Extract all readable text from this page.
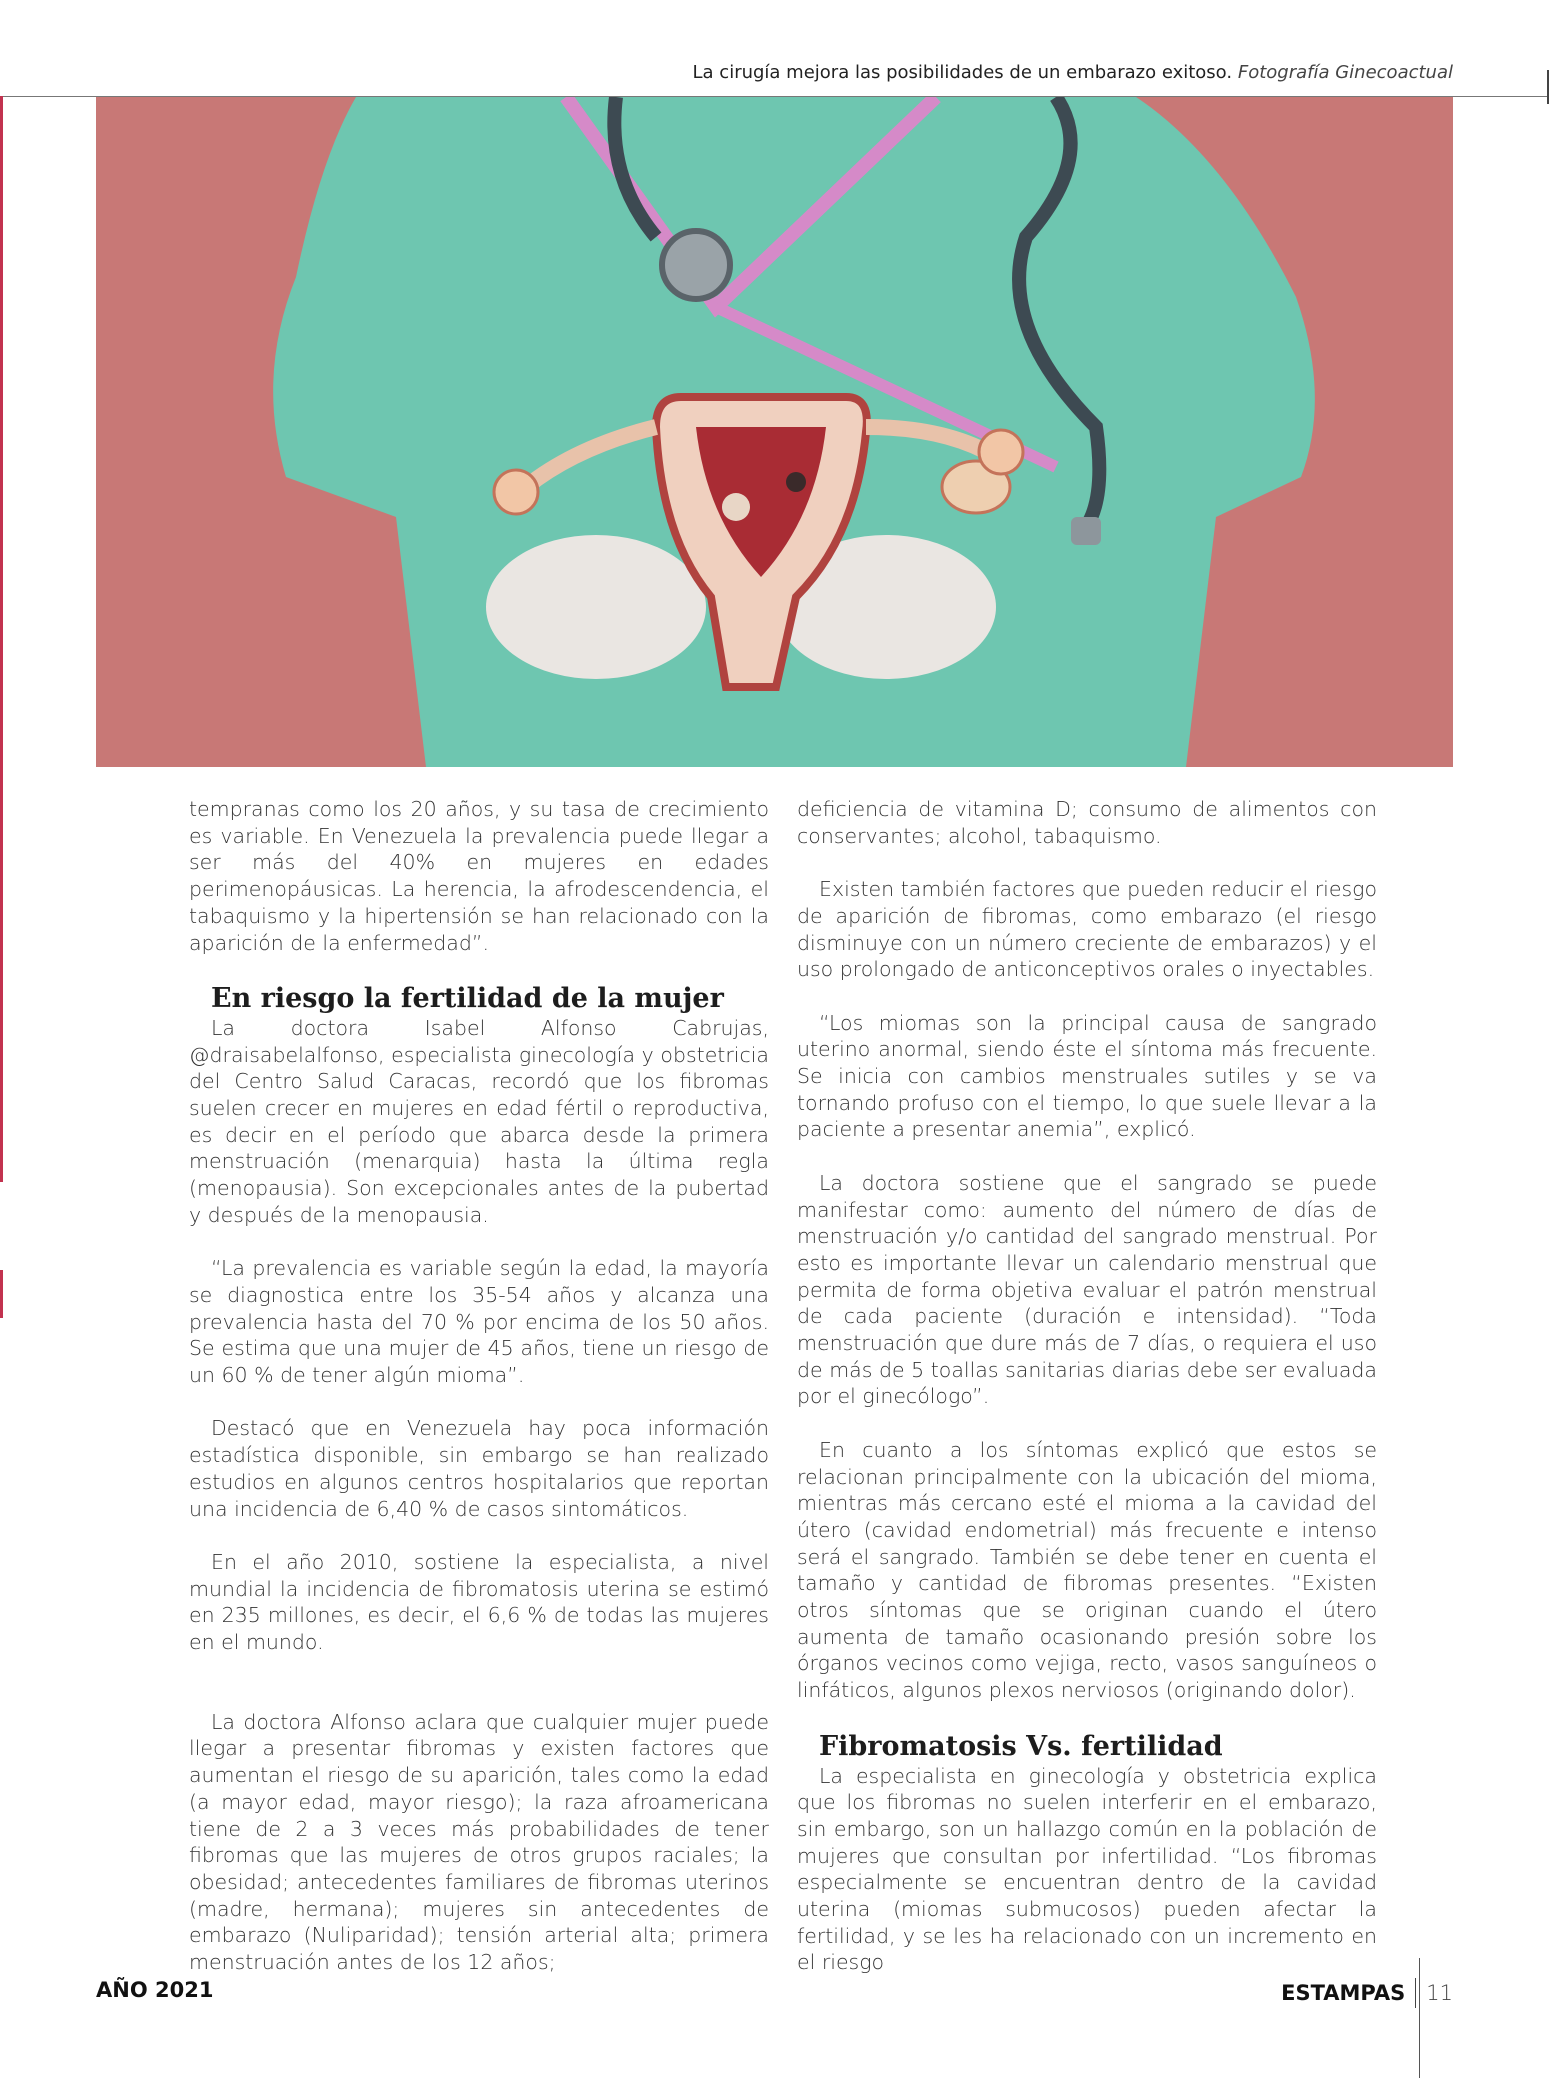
La cirugía mejora las posibilidades de un embarazo exitoso. Fotografía Ginecoactual

tempranas como los 20 años, y su tasa de crecimiento es variable. En Venezuela la prevalencia puede llegar a ser más del 40% en mujeres en edades perimenopáusicas. La herencia, la afrodescendencia, el tabaquismo y la hipertensión se han relacionado con la aparición de la enfermedad”.

En riesgo la fertilidad de la mujer

La doctora Isabel Alfonso Cabrujas, @draisabelalfonso, especialista ginecología y obstetricia del Centro Salud Caracas, recordó que los fibromas suelen crecer en mujeres en edad fértil o reproductiva, es decir en el período que abarca desde la primera menstruación (menarquia) hasta la última regla (menopausia). Son excepcionales antes de la pubertad y después de la menopausia.

“La prevalencia es variable según la edad, la mayoría se diagnostica entre los 35-54 años y alcanza una prevalencia hasta del 70 % por encima de los 50 años. Se estima que una mujer de 45 años, tiene un riesgo de un 60 % de tener algún mioma”.

Destacó que en Venezuela hay poca información estadística disponible, sin embargo se han realizado estudios en algunos centros hospitalarios que reportan una incidencia de 6,40 % de casos sintomáticos.

En el año 2010, sostiene la especialista, a nivel mundial la incidencia de fibromatosis uterina se estimó en 235 millones, es decir, el 6,6 % de todas las mujeres en el mundo.

La doctora Alfonso aclara que cualquier mujer puede llegar a presentar fibromas y existen factores que aumentan el riesgo de su aparición, tales como la edad (a mayor edad, mayor riesgo); la raza afroamericana tiene de 2 a 3 veces más probabilidades de tener fibromas que las mujeres de otros grupos raciales; la obesidad; antecedentes familiares de fibromas uterinos (madre, hermana); mujeres sin antecedentes de embarazo (Nuliparidad); tensión arterial alta; primera menstruación antes de los 12 años;

deficiencia de vitamina D; consumo de alimentos con conservantes; alcohol, tabaquismo.

Existen también factores que pueden reducir el riesgo de aparición de fibromas, como embarazo (el riesgo disminuye con un número creciente de embarazos) y el uso prolongado de anticonceptivos orales o inyectables.

“Los miomas son la principal causa de sangrado uterino anormal, siendo éste el síntoma más frecuente. Se inicia con cambios menstruales sutiles y se va tornando profuso con el tiempo, lo que suele llevar a la paciente a presentar anemia”, explicó.

La doctora sostiene que el sangrado se puede manifestar como: aumento del número de días de menstruación y/o cantidad del sangrado menstrual. Por esto es importante llevar un calendario menstrual que permita de forma objetiva evaluar el patrón menstrual de cada paciente (duración e intensidad). “Toda menstruación que dure más de 7 días, o requiera el uso de más de 5 toallas sanitarias diarias debe ser evaluada por el ginecólogo”.

En cuanto a los síntomas explicó que estos se relacionan principalmente con la ubicación del mioma, mientras más cercano esté el mioma a la cavidad del útero (cavidad endometrial) más frecuente e intenso será el sangrado. También se debe tener en cuenta el tamaño y cantidad de fibromas presentes. “Existen otros síntomas que se originan cuando el útero aumenta de tamaño ocasionando presión sobre los órganos vecinos como vejiga, recto, vasos sanguíneos o linfáticos, algunos plexos nerviosos (originando dolor).

Fibromatosis Vs. fertilidad

La especialista en ginecología y obstetricia explica que los fibromas no suelen interferir en el embarazo, sin embargo, son un hallazgo común en la población de mujeres que consultan por infertilidad. “Los fibromas especialmente se encuentran dentro de la cavidad uterina (miomas submucosos) pueden afectar la fertilidad, y se les ha relacionado con un incremento en el riesgo

AÑO 2021	ESTAMPAS 11
